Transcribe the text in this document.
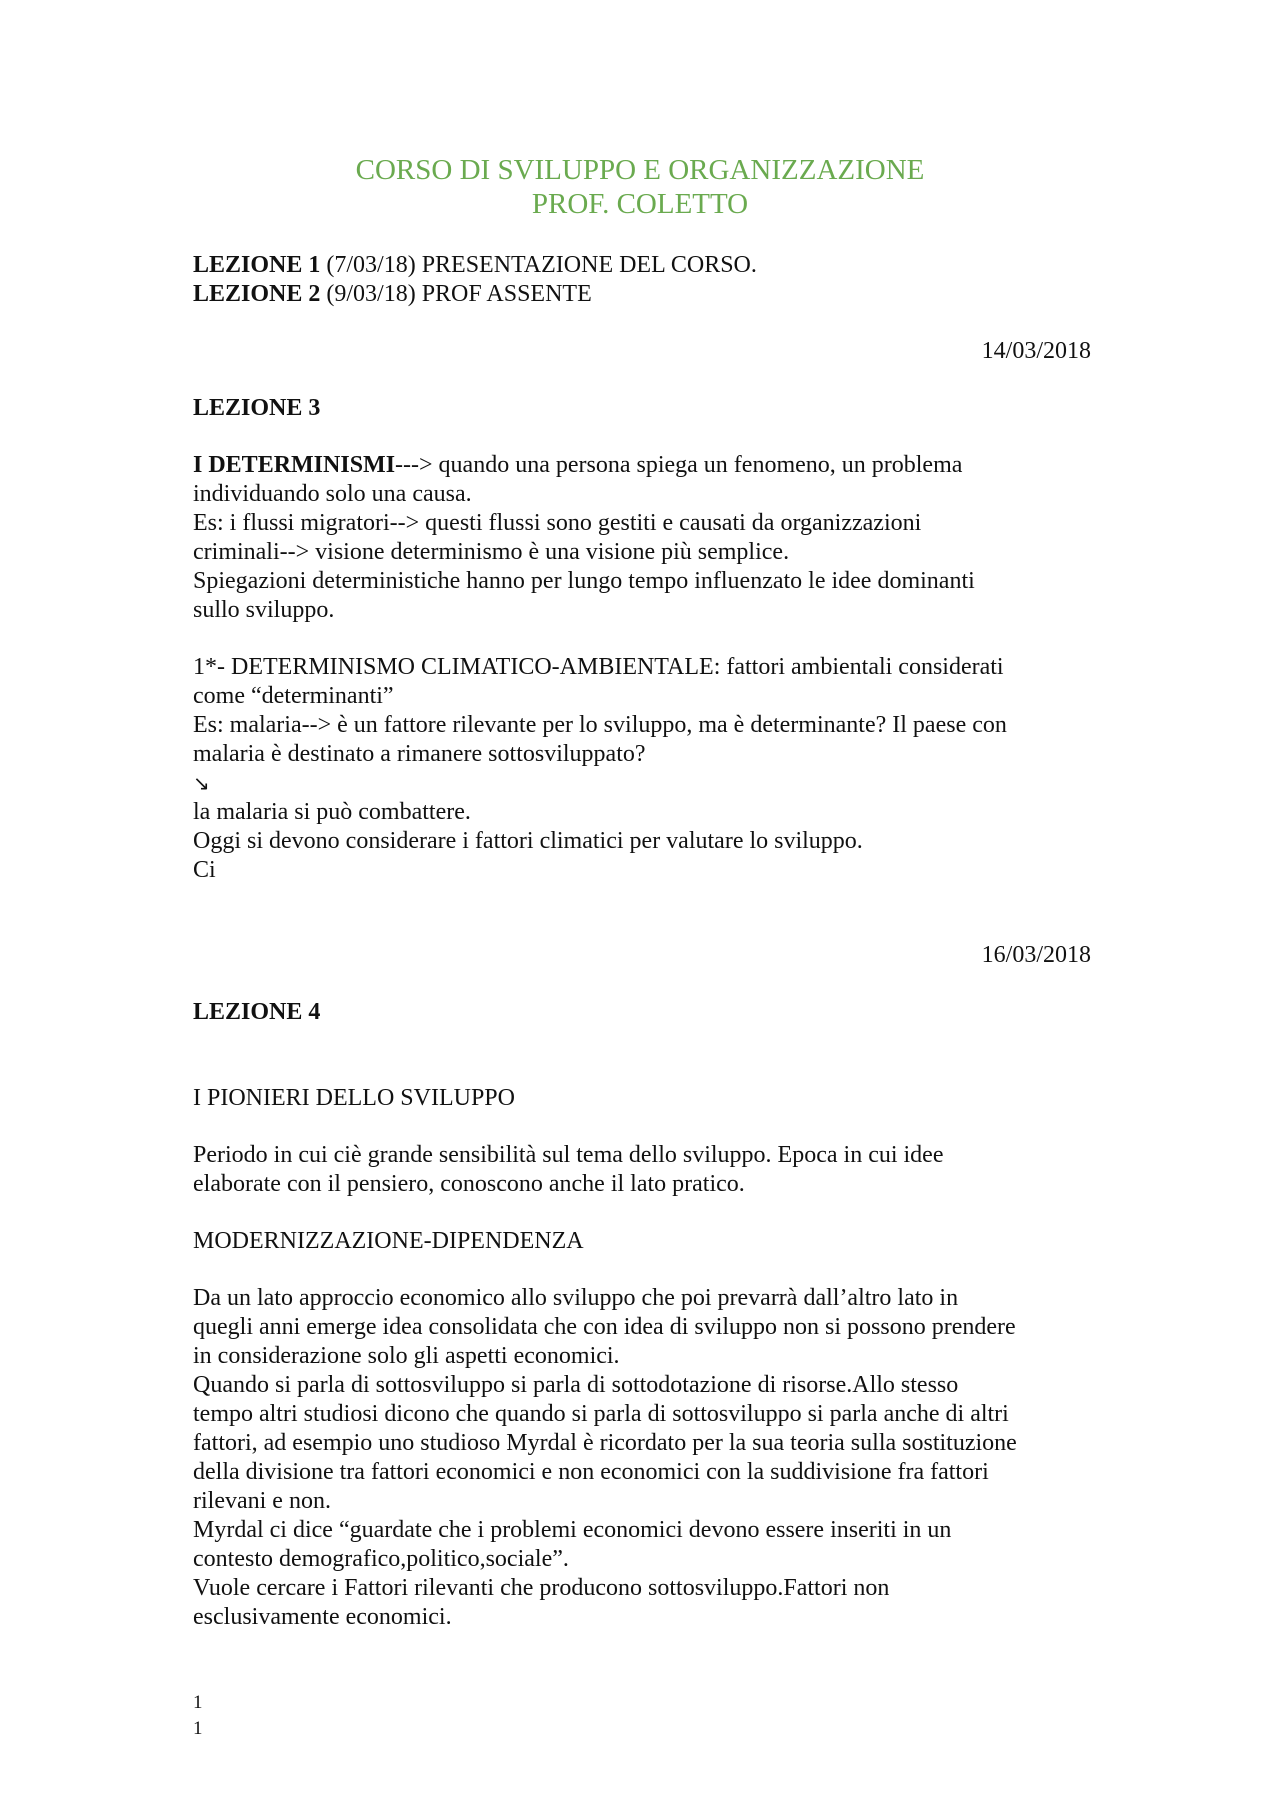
CORSO DI SVILUPPO E ORGANIZZAZIONE
PROF. COLETTO
LEZIONE 1 (7/03/18) PRESENTAZIONE DEL CORSO.
LEZIONE 2 (9/03/18) PROF ASSENTE
14/03/2018
LEZIONE 3
I DETERMINISMI---> quando una persona spiega un fenomeno, un problema
individuando solo una causa.
Es: i flussi migratori--> questi flussi sono gestiti e causati da organizzazioni
criminali--> visione determinismo è una visione più semplice.
Spiegazioni deterministiche hanno per lungo tempo influenzato le idee dominanti
sullo sviluppo.
1*- DETERMINISMO CLIMATICO-AMBIENTALE: fattori ambientali considerati
come “determinanti”
Es: malaria--> è un fattore rilevante per lo sviluppo, ma è determinante? Il paese con
malaria è destinato a rimanere sottosviluppato?
↘
la malaria si può combattere.
Oggi si devono considerare i fattori climatici per valutare lo sviluppo.
Ci
16/03/2018
LEZIONE 4
I PIONIERI DELLO SVILUPPO
Periodo in cui ciè grande sensibilità sul tema dello sviluppo. Epoca in cui idee
elaborate con il pensiero, conoscono anche il lato pratico.
MODERNIZZAZIONE-DIPENDENZA
Da un lato approccio economico allo sviluppo che poi prevarrà dall’altro lato in
quegli anni emerge idea consolidata che con idea di sviluppo non si possono prendere
in considerazione solo gli aspetti economici.
Quando si parla di sottosviluppo si parla di sottodotazione di risorse.Allo stesso
tempo altri studiosi dicono che quando si parla di sottosviluppo si parla anche di altri
fattori, ad esempio uno studioso Myrdal è ricordato per la sua teoria sulla sostituzione
della divisione tra fattori economici e non economici con la suddivisione fra fattori
rilevani e non.
Myrdal ci dice “guardate che i problemi economici devono essere inseriti in un
contesto demografico,politico,sociale”.
Vuole cercare i Fattori rilevanti che producono sottosviluppo.Fattori non
esclusivamente economici.
1
1
